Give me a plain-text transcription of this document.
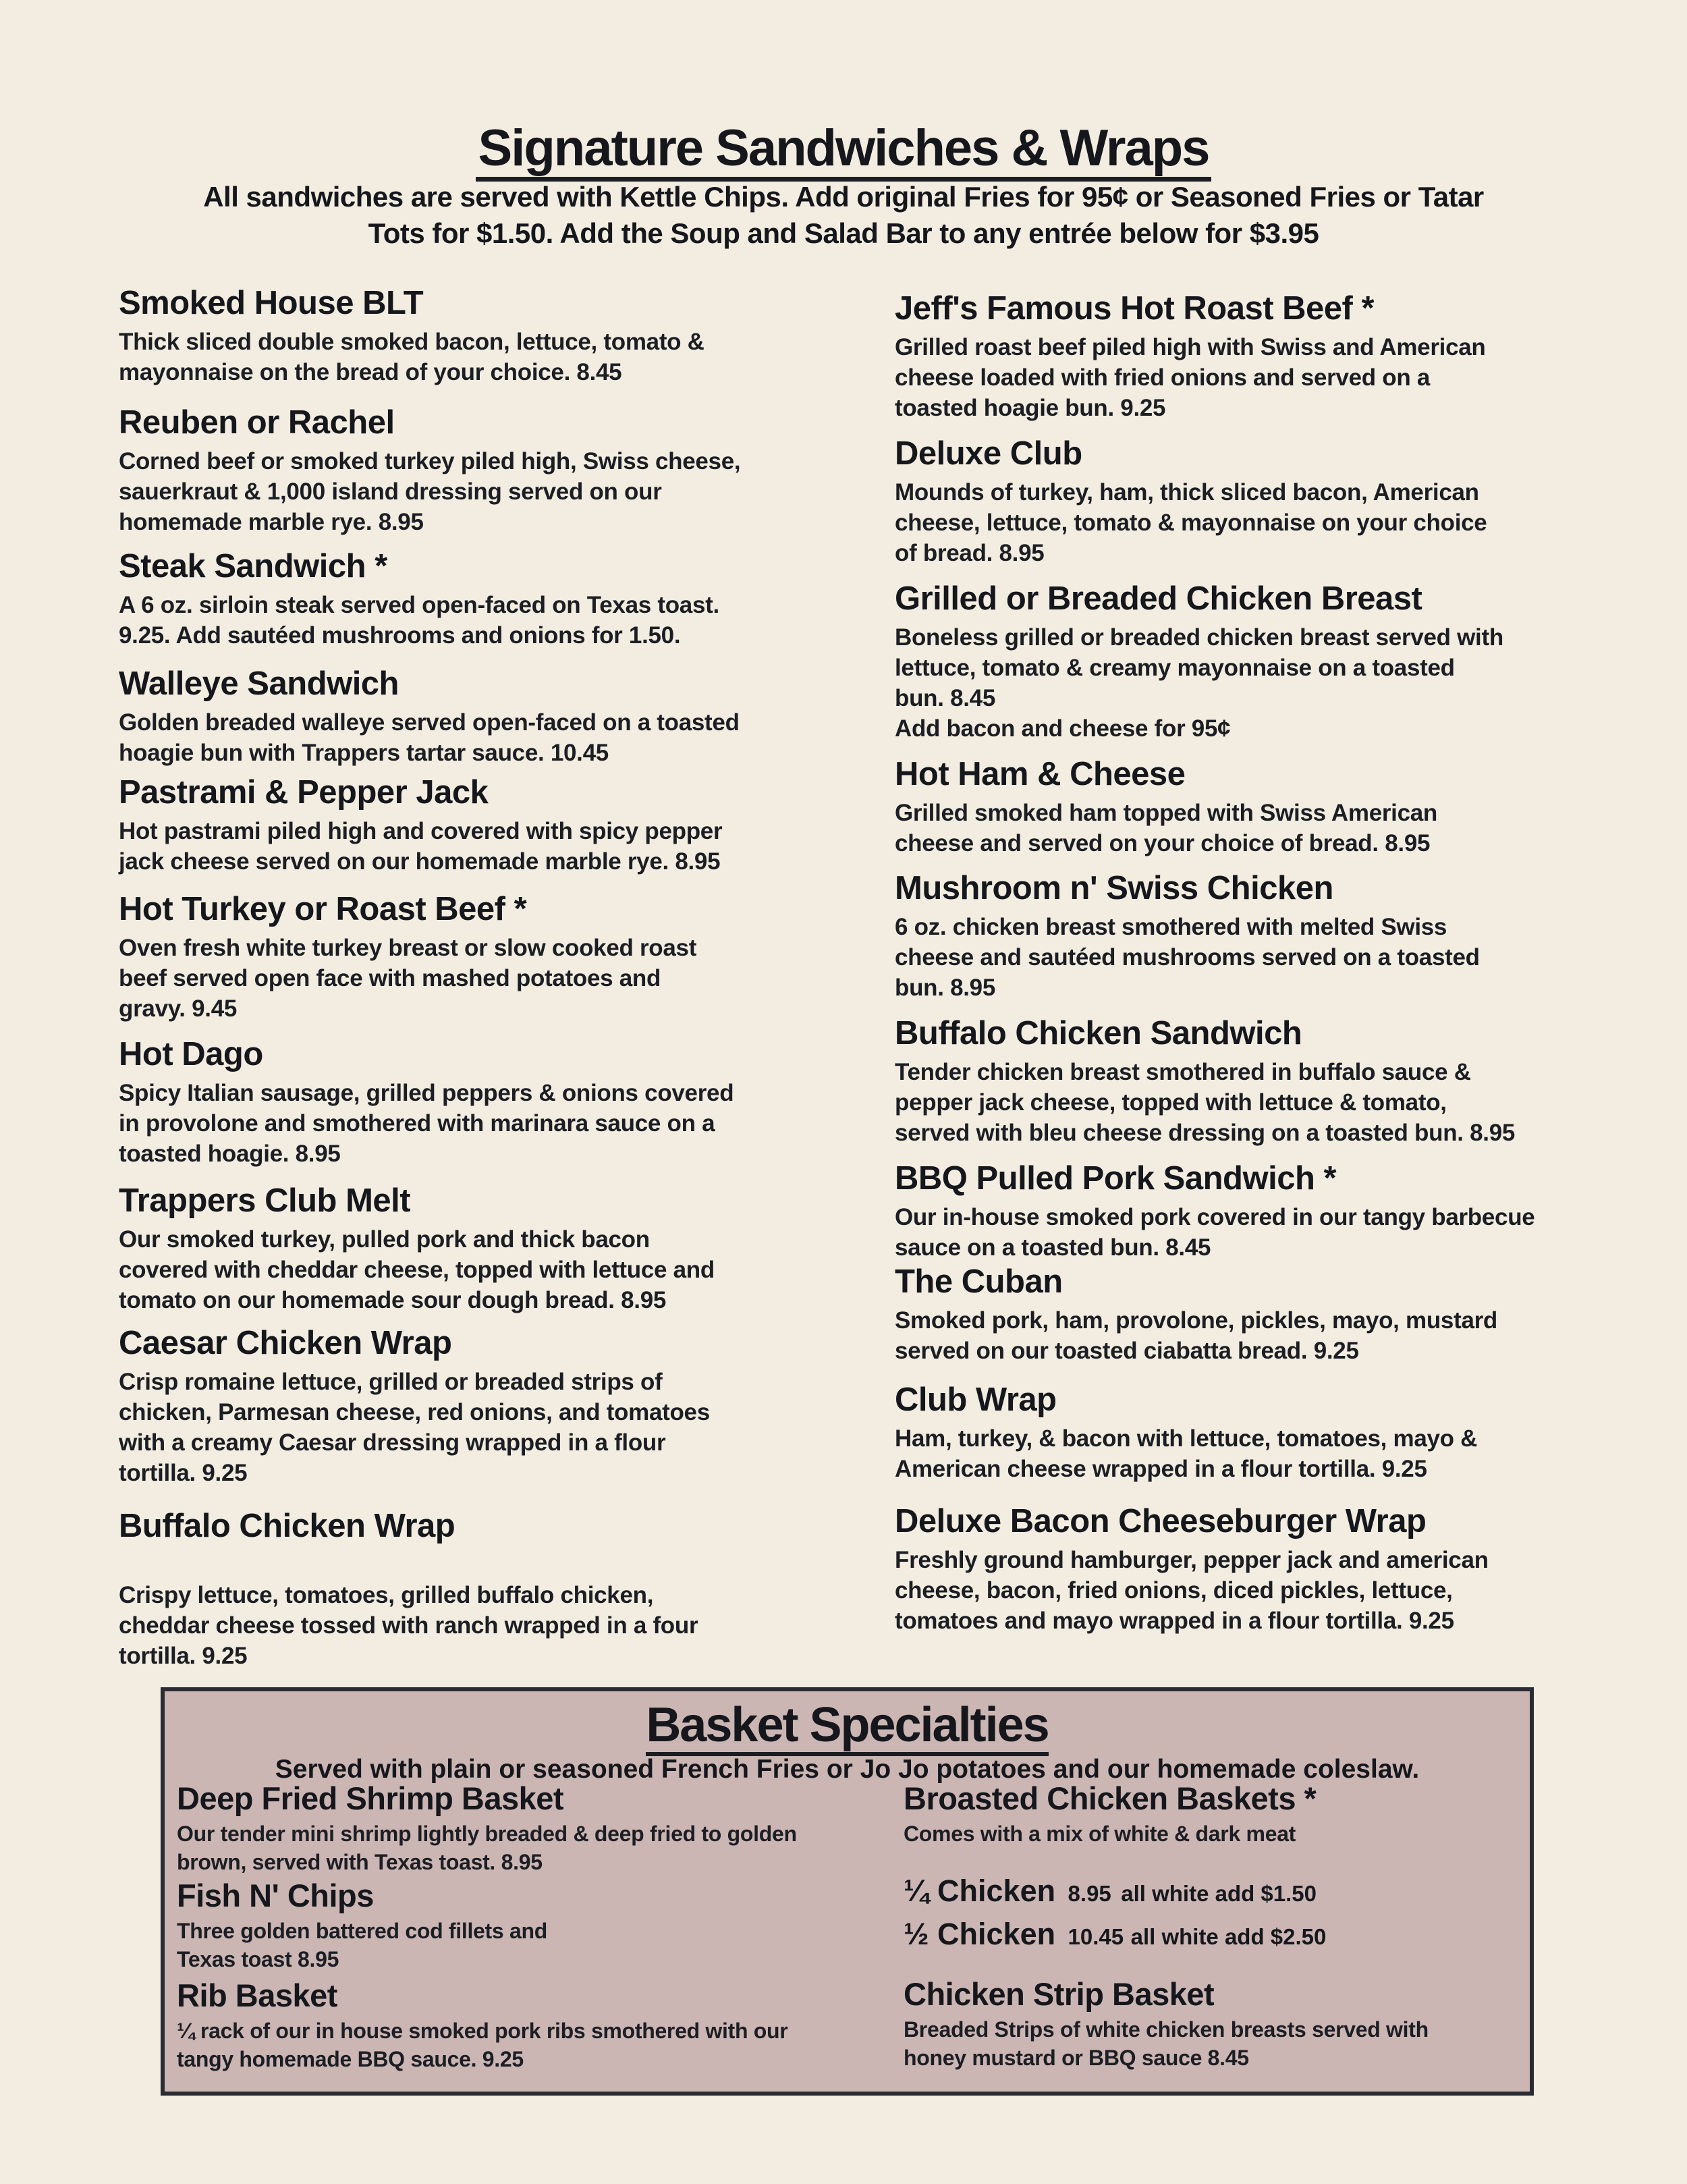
Signature Sandwiches & Wraps
All sandwiches are served with Kettle Chips. Add original Fries for 95¢ or Seasoned Fries or Tatar
Tots for $1.50. Add the Soup and Salad Bar to any entrée below for $3.95
Smoked House BLT
Thick sliced double smoked bacon, lettuce, tomato &
mayonnaise on the bread of your choice. 8.45
Reuben or Rachel
Corned beef or smoked turkey piled high, Swiss cheese,
sauerkraut & 1,000 island dressing served on our
homemade marble rye. 8.95
Steak Sandwich *
A 6 oz. sirloin steak served open-faced on Texas toast.
9.25. Add sautéed mushrooms and onions for 1.50.
Walleye Sandwich
Golden breaded walleye served open-faced on a toasted
hoagie bun with Trappers tartar sauce. 10.45
Pastrami & Pepper Jack
Hot pastrami piled high and covered with spicy pepper
jack cheese served on our homemade marble rye. 8.95
Hot Turkey or Roast Beef *
Oven fresh white turkey breast or slow cooked roast
beef served open face with mashed potatoes and
gravy. 9.45
Hot Dago
Spicy Italian sausage, grilled peppers & onions covered
in provolone and smothered with marinara sauce on a
toasted hoagie. 8.95
Trappers Club Melt
Our smoked turkey, pulled pork and thick bacon
covered with cheddar cheese, topped with lettuce and
tomato on our homemade sour dough bread. 8.95
Caesar Chicken Wrap
Crisp romaine lettuce, grilled or breaded strips of
chicken, Parmesan cheese, red onions, and tomatoes
with a creamy Caesar dressing wrapped in a flour
tortilla. 9.25
Buffalo Chicken Wrap

Crispy lettuce, tomatoes, grilled buffalo chicken,
cheddar cheese tossed with ranch wrapped in a four
tortilla. 9.25
Jeff's Famous Hot Roast Beef *
Grilled roast beef piled high with Swiss and American
cheese loaded with fried onions and served on a
toasted hoagie bun. 9.25
Deluxe Club
Mounds of turkey, ham, thick sliced bacon, American
cheese, lettuce, tomato & mayonnaise on your choice
of bread. 8.95
Grilled or Breaded Chicken Breast
Boneless grilled or breaded chicken breast served with
lettuce, tomato & creamy mayonnaise on a toasted
bun. 8.45
Add bacon and cheese for 95¢
Hot Ham & Cheese
Grilled smoked ham topped with Swiss American
cheese and served on your choice of bread. 8.95
Mushroom n' Swiss Chicken
6 oz. chicken breast smothered with melted Swiss
cheese and sautéed mushrooms served on a toasted
bun. 8.95
Buffalo Chicken Sandwich
Tender chicken breast smothered in buffalo sauce &
pepper jack cheese, topped with lettuce & tomato,
served with bleu cheese dressing on a toasted bun. 8.95
BBQ Pulled Pork Sandwich *
Our in-house smoked pork covered in our tangy barbecue
sauce on a toasted bun. 8.45
The Cuban
Smoked pork, ham, provolone, pickles, mayo, mustard
served on our toasted ciabatta bread. 9.25
Club Wrap
Ham, turkey, & bacon with lettuce, tomatoes, mayo &
American cheese wrapped in a flour tortilla. 9.25
Deluxe Bacon Cheeseburger Wrap
Freshly ground hamburger, pepper jack and american
cheese, bacon, fried onions, diced pickles, lettuce,
tomatoes and mayo wrapped in a flour tortilla. 9.25
Basket Specialties
Served with plain or seasoned French Fries or Jo Jo potatoes and our homemade coleslaw.
Deep Fried Shrimp Basket
Our tender mini shrimp lightly breaded & deep fried to golden
brown, served with Texas toast. 8.95
Fish N' Chips
Three golden battered cod fillets and
Texas toast 8.95
Rib Basket
¼ rack of our in house smoked pork ribs smothered with our
tangy homemade BBQ sauce. 9.25
Chicken Strip Basket
Breaded Strips of white chicken breasts served with
honey mustard or BBQ sauce 8.45
Broasted Chicken Baskets *
Comes with a mix of white & dark meat
¼ Chicken 8.95 all white add $1.50
½ Chicken 10.45 all white add $2.50
